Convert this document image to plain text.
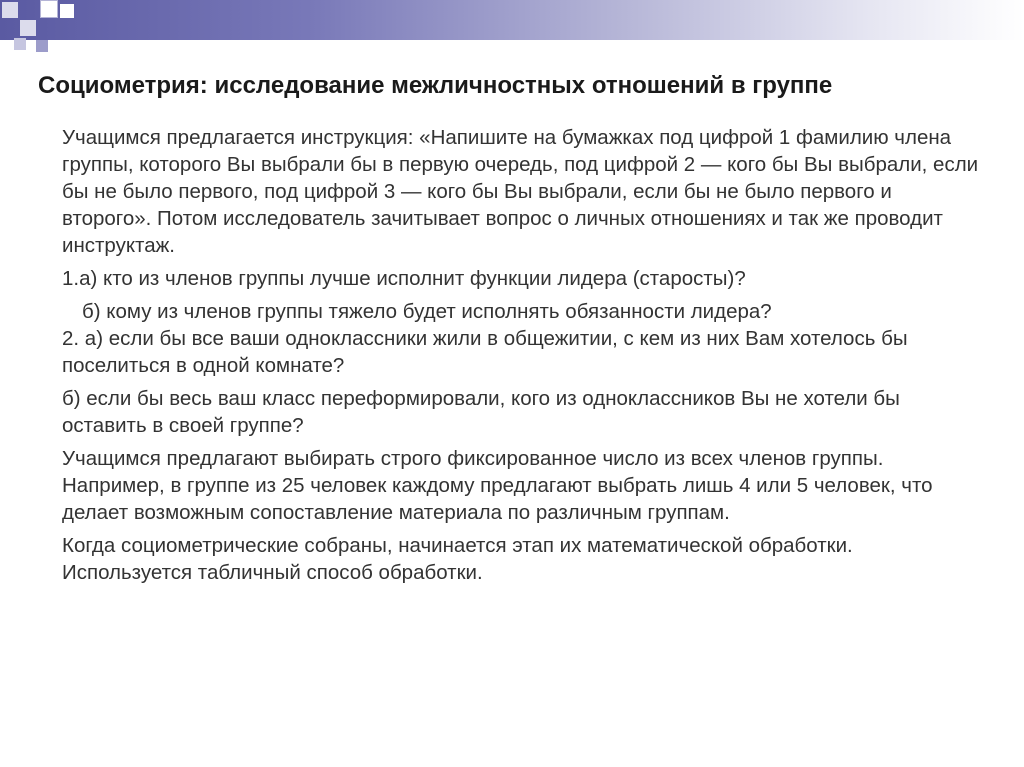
Социометрия: исследование межличностных отношений в группе

Учащимся предлагается инструкция: «Напишите на бумажках под цифрой 1 фамилию члена группы, которого Вы выбрали бы в первую очередь, под цифрой 2 — кого бы Вы выбрали, если бы не было первого, под цифрой 3 — кого бы Вы выбрали, если бы не было первого и второго». Потом исследователь зачитывает вопрос о личных отношениях и так же проводит инструктаж.

1.а) кто из членов группы лучше исполнит функции лидера (старосты)?

б) кому из членов группы тяжело будет исполнять обязанности лидера?

2. а) если бы все ваши одноклассники жили в общежитии, с кем из них Вам хотелось бы поселиться в одной комнате?

б) если бы весь ваш класс переформировали, кого из одноклассников Вы не хотели бы оставить в своей группе?

Учащимся предлагают выбирать строго фиксированное число из всех членов группы. Например, в группе из 25 человек каждому предлагают выбрать лишь 4 или 5 человек, что делает возможным сопоставление материала по различным группам.

Когда социометрические собраны, начинается этап их математической обработки. Используется табличный способ обработки.
